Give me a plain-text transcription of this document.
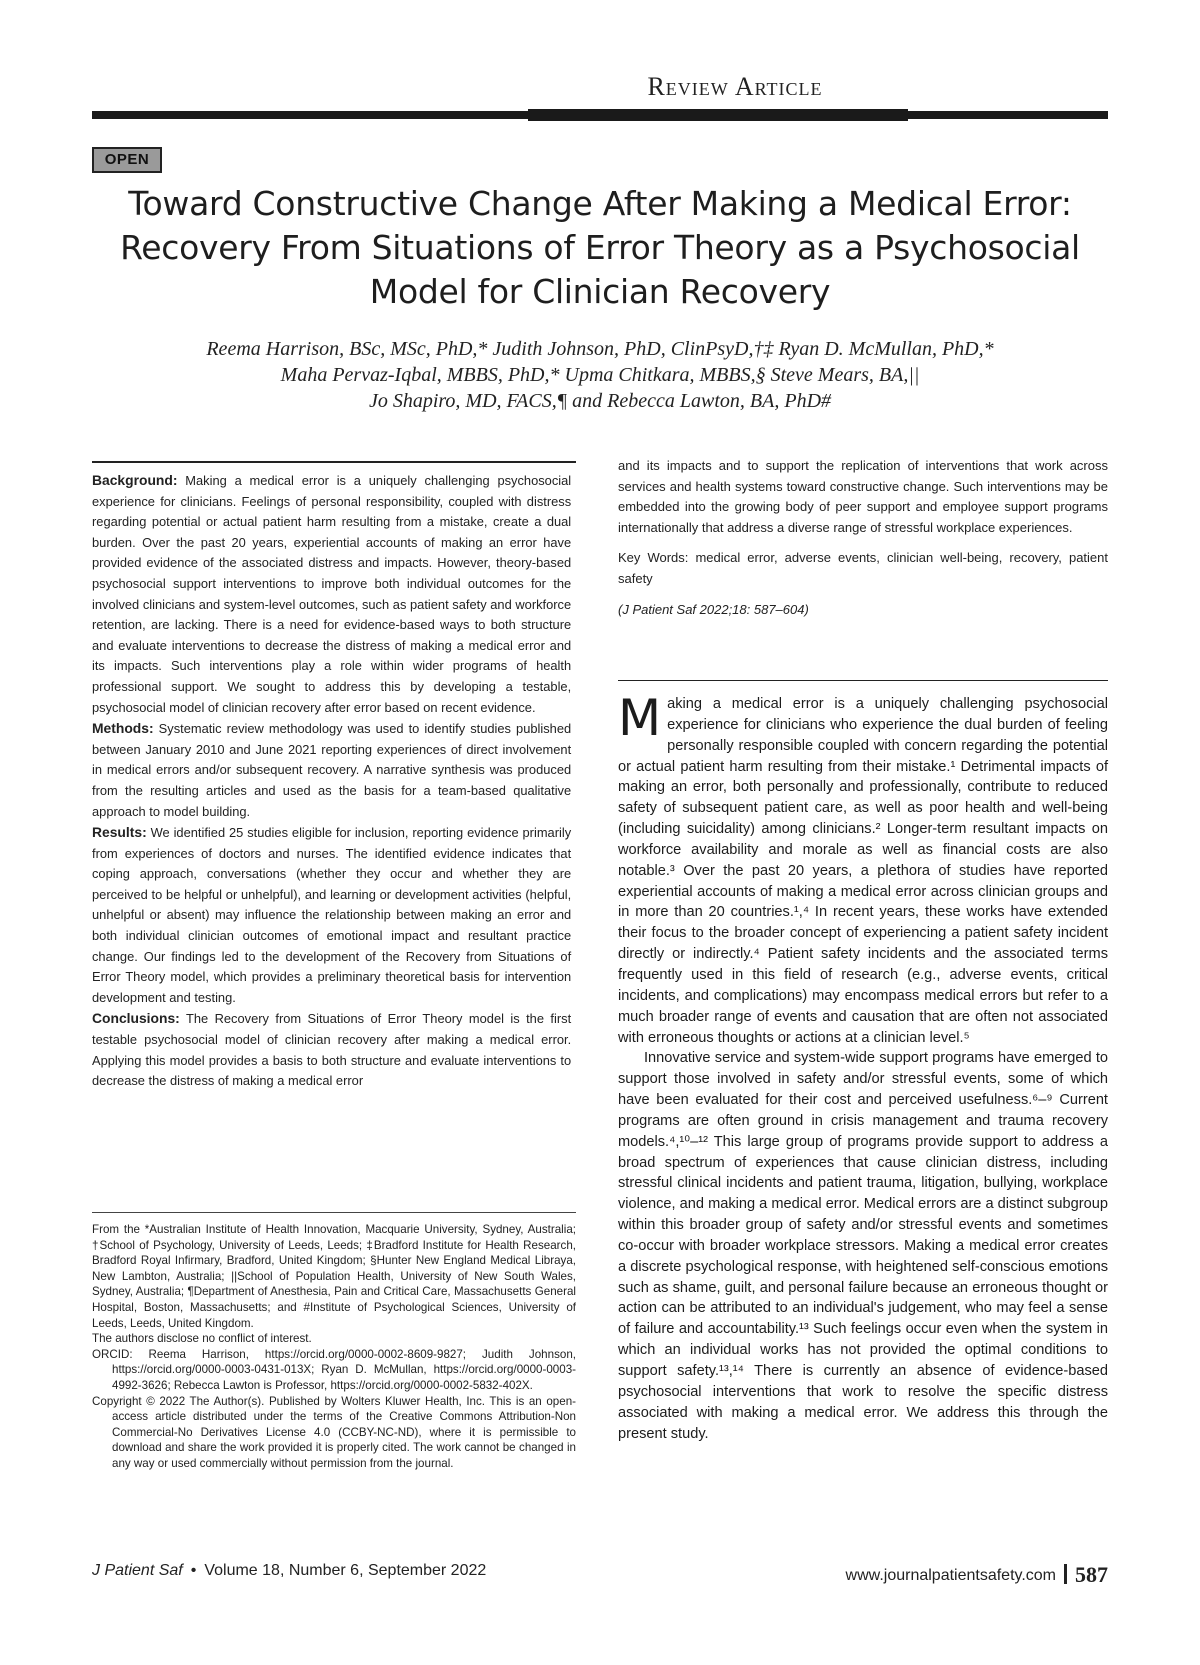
Review Article
OPEN
Toward Constructive Change After Making a Medical Error: Recovery From Situations of Error Theory as a Psychosocial Model for Clinician Recovery
Reema Harrison, BSc, MSc, PhD,* Judith Johnson, PhD, ClinPsyD,†‡ Ryan D. McMullan, PhD,*
Maha Pervaz-Iqbal, MBBS, PhD,* Upma Chitkara, MBBS,§ Steve Mears, BA,||
Jo Shapiro, MD, FACS,¶ and Rebecca Lawton, BA, PhD#

Background: Making a medical error is a uniquely challenging psychosocial experience for clinicians. Feelings of personal responsibility, coupled with distress regarding potential or actual patient harm resulting from a mistake, create a dual burden. Over the past 20 years, experiential accounts of making an error have provided evidence of the associated distress and impacts. However, theory-based psychosocial support interventions to improve both individual outcomes for the involved clinicians and system-level outcomes, such as patient safety and workforce retention, are lacking. There is a need for evidence-based ways to both structure and evaluate interventions to decrease the distress of making a medical error and its impacts. Such interventions play a role within wider programs of health professional support. We sought to address this by developing a testable, psychosocial model of clinician recovery after error based on recent evidence.

Methods: Systematic review methodology was used to identify studies published between January 2010 and June 2021 reporting experiences of direct involvement in medical errors and/or subsequent recovery. A narrative synthesis was produced from the resulting articles and used as the basis for a team-based qualitative approach to model building.

Results: We identified 25 studies eligible for inclusion, reporting evidence primarily from experiences of doctors and nurses. The identified evidence indicates that coping approach, conversations (whether they occur and whether they are perceived to be helpful or unhelpful), and learning or development activities (helpful, unhelpful or absent) may influence the relationship between making an error and both individual clinician outcomes of emotional impact and resultant practice change. Our findings led to the development of the Recovery from Situations of Error Theory model, which provides a preliminary theoretical basis for intervention development and testing.

Conclusions: The Recovery from Situations of Error Theory model is the first testable psychosocial model of clinician recovery after making a medical error. Applying this model provides a basis to both structure and evaluate interventions to decrease the distress of making a medical error

and its impacts and to support the replication of interventions that work across services and health systems toward constructive change. Such interventions may be embedded into the growing body of peer support and employee support programs internationally that address a diverse range of stressful workplace experiences.

Key Words: medical error, adverse events, clinician well-being, recovery, patient safety

(J Patient Saf 2022;18: 587–604)

Making a medical error is a uniquely challenging psychosocial experience for clinicians who experience the dual burden of feeling personally responsible coupled with concern regarding the potential or actual patient harm resulting from their mistake.¹ Detrimental impacts of making an error, both personally and professionally, contribute to reduced safety of subsequent patient care, as well as poor health and well-being (including suicidality) among clinicians.² Longer-term resultant impacts on workforce availability and morale as well as financial costs are also notable.³ Over the past 20 years, a plethora of studies have reported experiential accounts of making a medical error across clinician groups and in more than 20 countries.¹,⁴ In recent years, these works have extended their focus to the broader concept of experiencing a patient safety incident directly or indirectly.⁴ Patient safety incidents and the associated terms frequently used in this field of research (e.g., adverse events, critical incidents, and complications) may encompass medical errors but refer to a much broader range of events and causation that are often not associated with erroneous thoughts or actions at a clinician level.⁵

Innovative service and system-wide support programs have emerged to support those involved in safety and/or stressful events, some of which have been evaluated for their cost and perceived usefulness.⁶–⁹ Current programs are often ground in crisis management and trauma recovery models.⁴,¹⁰–¹² This large group of programs provide support to address a broad spectrum of experiences that cause clinician distress, including stressful clinical incidents and patient trauma, litigation, bullying, workplace violence, and making a medical error. Medical errors are a distinct subgroup within this broader group of safety and/or stressful events and sometimes co-occur with broader workplace stressors. Making a medical error creates a discrete psychological response, with heightened self-conscious emotions such as shame, guilt, and personal failure because an erroneous thought or action can be attributed to an individual's judgement, who may feel a sense of failure and accountability.¹³ Such feelings occur even when the system in which an individual works has not provided the optimal conditions to support safety.¹³,¹⁴ There is currently an absence of evidence-based psychosocial interventions that work to resolve the specific distress associated with making a medical error. We address this through the present study.

From the *Australian Institute of Health Innovation, Macquarie University, Sydney, Australia; †School of Psychology, University of Leeds, Leeds; ‡Bradford Institute for Health Research, Bradford Royal Infirmary, Bradford, United Kingdom; §Hunter New England Medical Libraya, New Lambton, Australia; ||School of Population Health, University of New South Wales, Sydney, Australia; ¶Department of Anesthesia, Pain and Critical Care, Massachusetts General Hospital, Boston, Massachusetts; and #Institute of Psychological Sciences, University of Leeds, Leeds, United Kingdom.

The authors disclose no conflict of interest.

ORCID: Reema Harrison, https://orcid.org/0000-0002-8609-9827; Judith Johnson, https://orcid.org/0000-0003-0431-013X; Ryan D. McMullan, https://orcid.org/0000-0003-4992-3626; Rebecca Lawton is Professor, https://orcid.org/0000-0002-5832-402X.

Copyright © 2022 The Author(s). Published by Wolters Kluwer Health, Inc. This is an open-access article distributed under the terms of the Creative Commons Attribution-Non Commercial-No Derivatives License 4.0 (CCBY-NC-ND), where it is permissible to download and share the work provided it is properly cited. The work cannot be changed in any way or used commercially without permission from the journal.

J Patient Saf • Volume 18, Number 6, September 2022	www.journalpatientsafety.com 587
